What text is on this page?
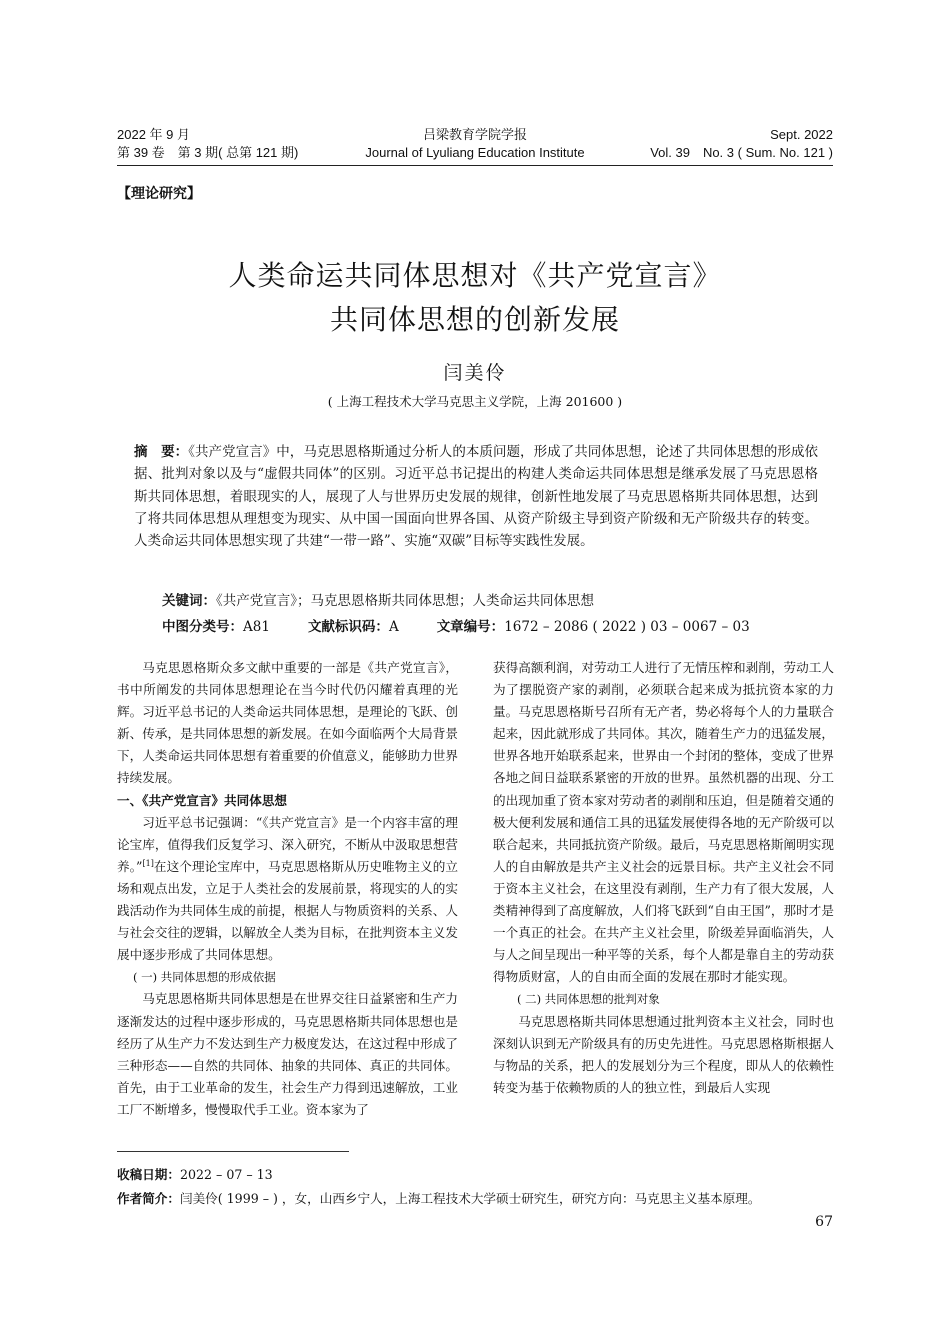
2022 年 9 月
第 39 卷　第 3 期( 总第 121 期)
吕梁教育学院学报
Journal of Lyuliang Education Institute
Sept. 2022
Vol. 39　No. 3 ( Sum. No. 121 )
【理论研究】
人类命运共同体思想对《共产党宣言》
共同体思想的创新发展
闫美伶
( 上海工程技术大学马克思主义学院，上海 201600 )
摘　要：《共产党宣言》中，马克思恩格斯通过分析人的本质问题，形成了共同体思想，论述了共同体思想的形成依据、批判对象以及与“虚假共同体”的区别。习近平总书记提出的构建人类命运共同体思想是继承发展了马克思恩格斯共同体思想，着眼现实的人，展现了人与世界历史发展的规律，创新性地发展了马克思恩格斯共同体思想，达到了将共同体思想从理想变为现实、从中国一国面向世界各国、从资产阶级主导到资产阶级和无产阶级共存的转变。人类命运共同体思想实现了共建“一带一路”、实施“双碳”目标等实践性发展。
关键词：《共产党宣言》；马克思恩格斯共同体思想；人类命运共同体思想
中图分类号：A81	文献标识码：A	文章编号：1672 – 2086 ( 2022 ) 03 – 0067 – 03

马克思恩格斯众多文献中重要的一部是《共产党宣言》，书中所阐发的共同体思想理论在当今时代仍闪耀着真理的光辉。习近平总书记的人类命运共同体思想，是理论的飞跃、创新、传承，是共同体思想的新发展。在如今面临两个大局背景下，人类命运共同体思想有着重要的价值意义，能够助力世界持续发展。

一、《共产党宣言》共同体思想

习近平总书记强调：“《共产党宣言》是一个内容丰富的理论宝库，值得我们反复学习、深入研究，不断从中汲取思想营养。”[1]在这个理论宝库中，马克思恩格斯从历史唯物主义的立场和观点出发，立足于人类社会的发展前景，将现实的人的实践活动作为共同体生成的前提，根据人与物质资料的关系、人与社会交往的逻辑，以解放全人类为目标，在批判资本主义发展中逐步形成了共同体思想。

( 一) 共同体思想的形成依据

马克思恩格斯共同体思想是在世界交往日益紧密和生产力逐渐发达的过程中逐步形成的，马克思恩格斯共同体思想也是经历了从生产力不发达到生产力极度发达，在这过程中形成了三种形态——自然的共同体、抽象的共同体、真正的共同体。首先，由于工业革命的发生，社会生产力得到迅速解放，工业工厂不断增多，慢慢取代手工业。资本家为了

获得高额利润，对劳动工人进行了无情压榨和剥削，劳动工人为了摆脱资产家的剥削，必须联合起来成为抵抗资本家的力量。马克思恩格斯号召所有无产者，势必将每个人的力量联合起来，因此就形成了共同体。其次，随着生产力的迅猛发展，世界各地开始联系起来，世界由一个封闭的整体，变成了世界各地之间日益联系紧密的开放的世界。虽然机器的出现、分工的出现加重了资本家对劳动者的剥削和压迫，但是随着交通的极大便利发展和通信工具的迅猛发展使得各地的无产阶级可以联合起来，共同抵抗资产阶级。最后，马克思恩格斯阐明实现人的自由解放是共产主义社会的远景目标。共产主义社会不同于资本主义社会，在这里没有剥削，生产力有了很大发展，人类精神得到了高度解放，人们将飞跃到“自由王国”，那时才是一个真正的社会。在共产主义社会里，阶级差异面临消失，人与人之间呈现出一种平等的关系，每个人都是靠自主的劳动获得物质财富，人的自由而全面的发展在那时才能实现。

( 二) 共同体思想的批判对象

马克思恩格斯共同体思想通过批判资本主义社会，同时也深刻认识到无产阶级具有的历史先进性。马克思恩格斯根据人与物品的关系，把人的发展划分为三个程度，即从人的依赖性转变为基于依赖物质的人的独立性，到最后人实现

收稿日期：2022 – 07 – 13
作者简介：闫美伶( 1999 – ) ，女，山西乡宁人，上海工程技术大学硕士研究生，研究方向：马克思主义基本原理。
67
